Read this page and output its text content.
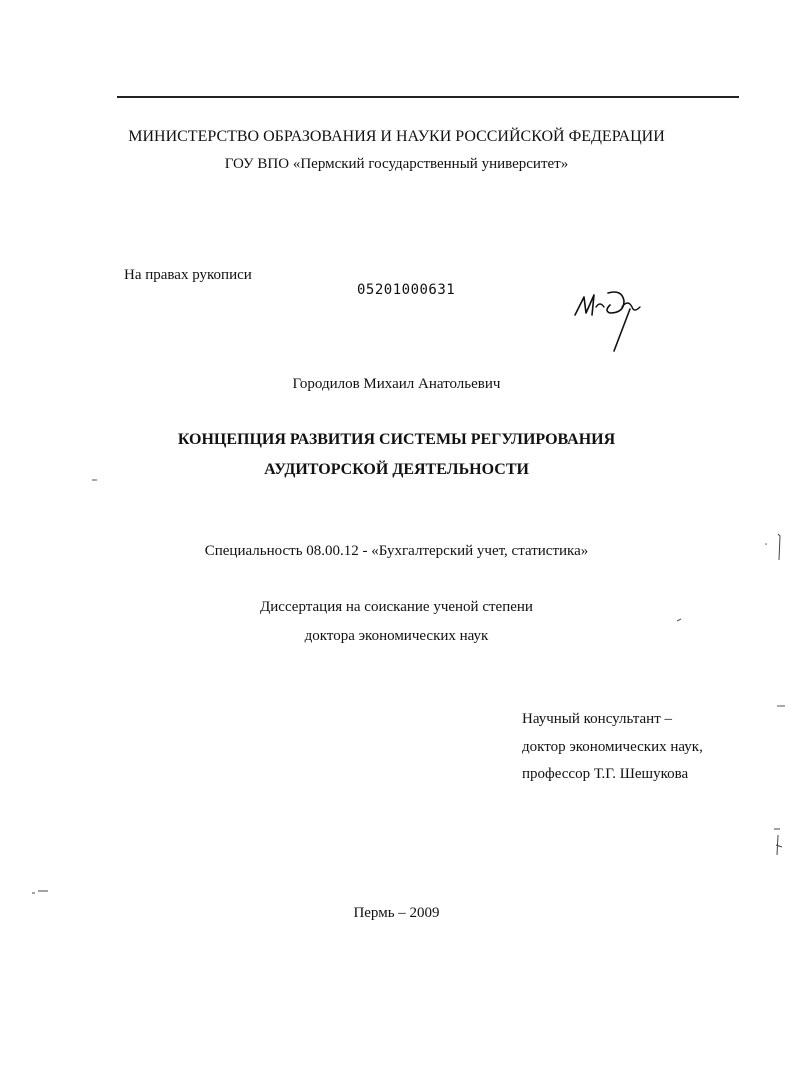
МИНИСТЕРСТВО ОБРАЗОВАНИЯ И НАУКИ РОССИЙСКОЙ ФЕДЕРАЦИИ
ГОУ ВПО «Пермский государственный университет»
На правах рукописи
05201000631
Городилов Михаил Анатольевич
КОНЦЕПЦИЯ РАЗВИТИЯ СИСТЕМЫ РЕГУЛИРОВАНИЯ
АУДИТОРСКОЙ ДЕЯТЕЛЬНОСТИ
Специальность 08.00.12 - «Бухгалтерский учет, статистика»
Диссертация на соискание ученой степени
доктора экономических наук
Научный консультант –
доктор экономических наук,
профессор Т.Г. Шешукова
Пермь – 2009
